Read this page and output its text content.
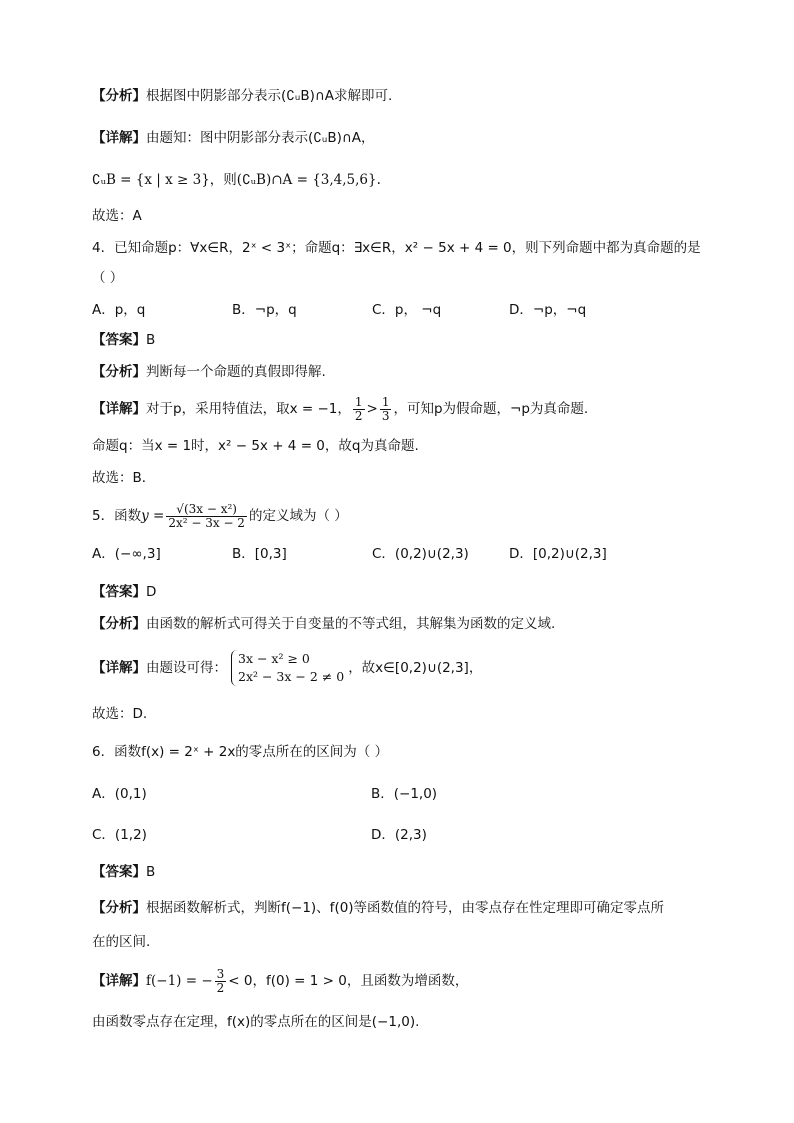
【分析】根据图中阴影部分表示(∁ᵤB)∩A求解即可.
【详解】由题知：图中阴影部分表示(∁ᵤB)∩A，
∁ᵤB = {x | x ≥ 3}，则(∁ᵤB)∩A = {3,4,5,6}.
故选：A
4．已知命题p：∀x∈R，2ˣ < 3ˣ；命题q：∃x∈R，x² − 5x + 4 = 0，则下列命题中都为真命题的是
（ ）
A．p，q	B．¬p，q	C．p， ¬q	D．¬p，¬q
【答案】B
【分析】判断每一个命题的真假即得解.
【详解】对于p，采用特值法，取x = −1， $\frac{1}{2} > \frac{1}{3}$ ，可知p为假命题，¬p为真命题.
命题q：当x = 1时，x² − 5x + 4 = 0，故q为真命题.
故选：B．
5．函数$y = \frac{\text{√(3x − x²)}}{\text{2x² − 3x − 2}}$ 的定义域为（ ）
A．(−∞,3]	B．[0,3]	C．(0,2)∪(2,3)	D．[0,2)∪(2,3]
【答案】D
【分析】由函数的解析式可得关于自变量的不等式组，其解集为函数的定义域.
【详解】由题设可得：
3x − x² ≥ 0
2x² − 3x − 2 ≠ 0
，故x∈[0,2)∪(2,3]，
故选：D.
6．函数f(x) = 2ˣ + 2x的零点所在的区间为（ ）
A．(0,1)	B．(−1,0)
C．(1,2)	D．(2,3)
【答案】B
【分析】根据函数解析式，判断f(−1)、f(0)等函数值的符号，由零点存在性定理即可确定零点所
在的区间.
【详解】f(−1) = − $\frac{3}{2} < 0$，f(0) = 1 > 0，且函数为增函数，
由函数零点存在定理，f(x)的零点所在的区间是(−1,0).
